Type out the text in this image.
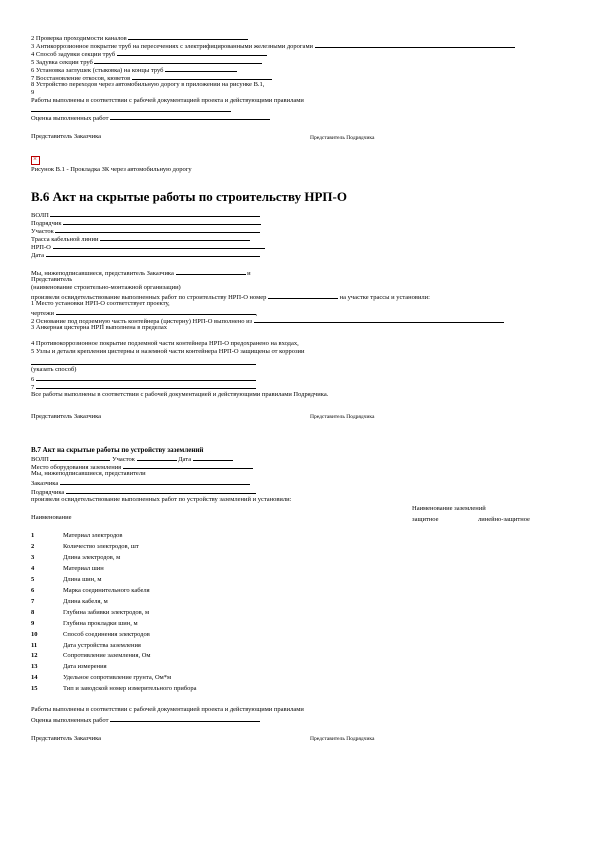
2 Проверка проходимости каналов
3 Антикоррозионное покрытие труб на пересечениях с электрифицированными железными дорогами
4 Способ задувки секции труб
5 Задувка секции труб
6 Установка заглушек (стыковка) на концы труб
7 Восстановление откосов, кюветов
8 Устройство переходов через автомобильную дорогу в приложении на рисунке В.1,
9
Работы выполнены в соответствии с рабочей документацией проекта и действующими правилами
Оценка выполненных работ
Представитель Заказчика	Представитель Подрядчика
×
Рисунок В.1 - Прокладка ЗК через автомобильную дорогу
В.6 Акт на скрытые работы по строительству НРП-О
ВОЛП
Подрядчик
Участок
Трасса кабельной линии
НРП-О
Дата
Мы, нижеподписавшиеся, представитель Заказчика	и
Представитель
(наименование строительно-монтажной организации)
произвели освидетельствование выполненных работ по строительству НРП-О номер	на участке трассы и установили:
1 Место установки НРП-О соответствует проекту,
чертежи	,
2 Основание под подземную часть контейнера (цистерну) НРП-О выполнено из
3 Анкерная цистерна НРП выполнена в пределах
4 Противокоррозионное покрытие подземной части контейнера НРП-О предохранено на входах,
5 Узлы и детали крепления цистерны и наземной части контейнера НРП-О защищены от коррозии
(указать способ)
6
7
Все работы выполнены в соответствии с рабочей документацией и действующими правилами Подрядчика.
Представитель Заказчика	Представитель Подрядчика
В.7 Акт на скрытые работы по устройству заземлений
ВОЛП	Участок	Дата
Место оборудования заземления
Мы, нижеподписавшиеся, представители
Заказчика
Подрядчика
произвели освидетельствование выполненных работ по устройству заземлений и установили:
Наименование заземлений
Наименование	защитное	линейно-защитное
1	Материал электродов
2	Количество электродов, шт
3	Длина электродов, м
4	Материал шин
5	Длина шин, м
6	Марка соединительного кабеля
7	Длина кабеля, м
8	Глубина забивки электродов, м
9	Глубина прокладки шин, м
10	Способ соединения электродов
11	Дата устройства заземления
12	Сопротивление заземления, Ом
13	Дата измерения
14	Удельное сопротивление грунта, Ом*м
15	Тип и заводской номер измерительного прибора
Работы выполнены в соответствии с рабочей документацией проекта и действующими правилами
Оценка выполненных работ
Представитель Заказчика	Представитель Подрядчика
